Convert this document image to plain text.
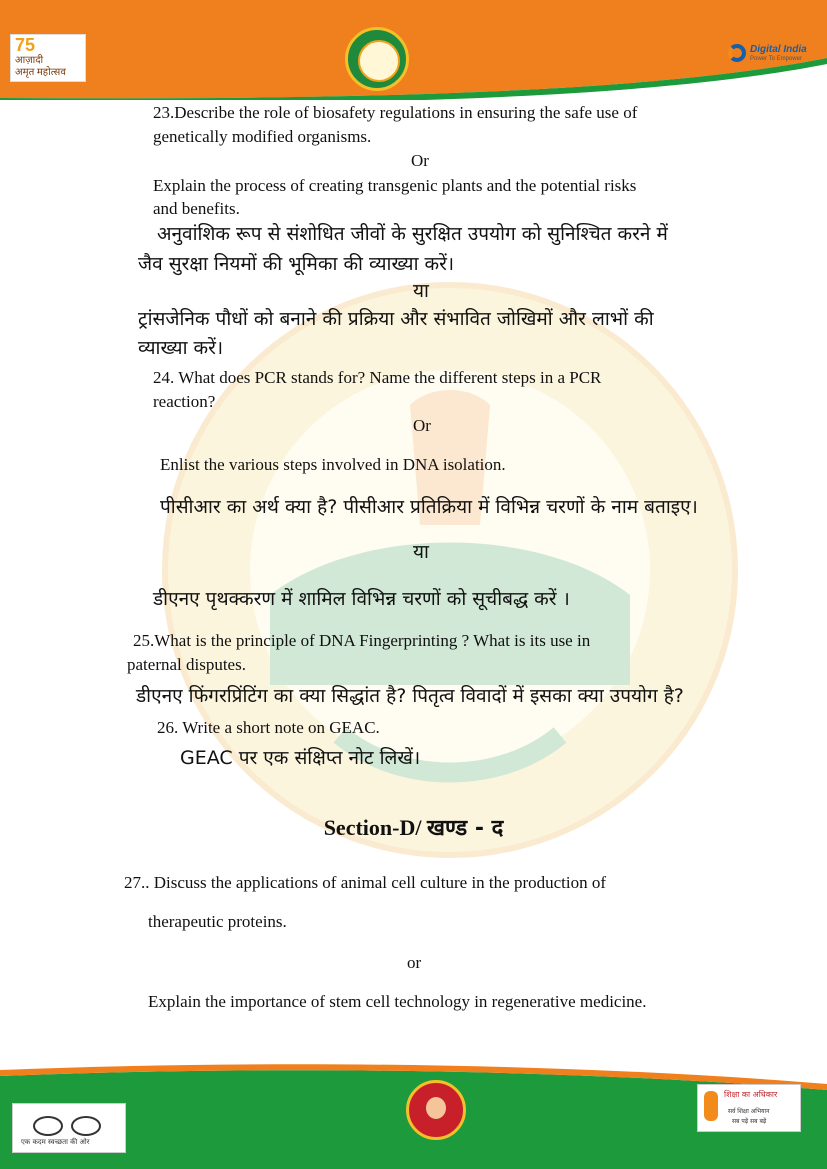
75
आज़ादी
अमृत महोत्सव
Digital India
Power To Empower

23.Describe the role of biosafety regulations in ensuring the safe use of

genetically modified organisms.

Or

Explain the process of creating transgenic plants and the potential risks

and benefits.

अनुवांशिक रूप से संशोधित जीवों के सुरक्षित उपयोग को सुनिश्चित करने में

जैव सुरक्षा नियमों की भूमिका की व्याख्या करें।

या

ट्रांसजेनिक पौधों को बनाने की प्रक्रिया और संभावित जोखिमों और लाभों की

व्याख्या करें।

24. What does PCR stands for? Name the different steps in a PCR

reaction?

Or

Enlist the various steps involved in DNA isolation.

पीसीआर का अर्थ क्या है? पीसीआर प्रतिक्रिया में विभिन्न चरणों के नाम बताइए।

या

डीएनए पृथक्करण में शामिल विभिन्न चरणों को सूचीबद्ध करें ।

25.What is the principle of DNA Fingerprinting ? What is its use in

paternal disputes.

डीएनए फिंगरप्रिंटिंग का क्या सिद्धांत है? पितृत्व विवादों में इसका क्या उपयोग है?

26. Write a short note on GEAC.

GEAC पर एक संक्षिप्त नोट लिखें।

Section-D/ खण्ड - द

27.. Discuss the applications of animal cell culture in the production of

therapeutic proteins.

or

Explain the importance of stem cell technology in regenerative medicine.

एक कदम स्वच्छता की ओर
शिक्षा का अधिकार
सर्व शिक्षा अभियान
सब पढ़ें सब बढ़ें
